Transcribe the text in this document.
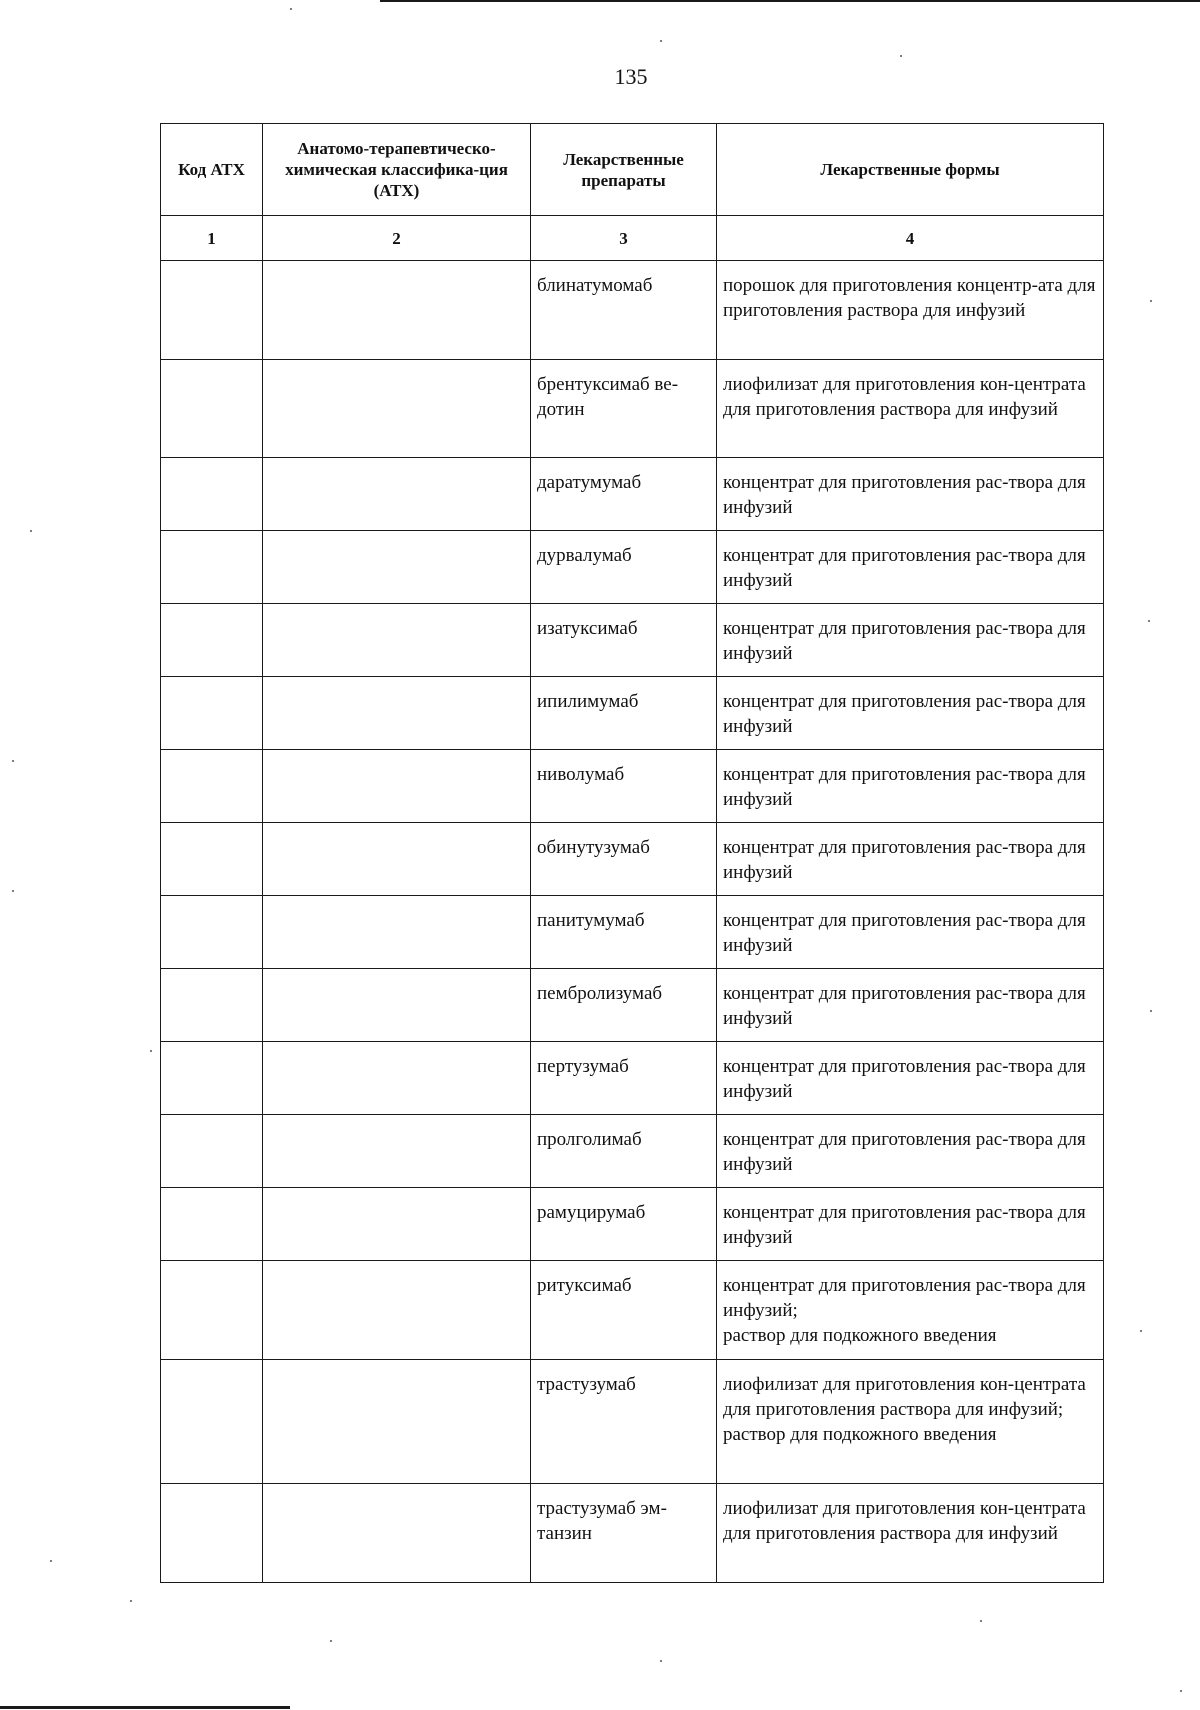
135
Код АТХ	Анатомо-терапевтическо-химическая классифика-ция (АТХ)	Лекарственные препараты	Лекарственные формы
1	2	3	4
		блинатумомаб	порошок для приготовления концентр-ата для приготовления раствора для инфузий

		брентуксимаб ве-дотин	лиофилизат для приготовления кон-центрата для приготовления раствора для инфузий

		даратумумаб	концентрат для приготовления рас-твора для инфузий

		дурвалумаб	концентрат для приготовления рас-твора для инфузий

		изатуксимаб	концентрат для приготовления рас-твора для инфузий

		ипилимумаб	концентрат для приготовления рас-твора для инфузий

		ниволумаб	концентрат для приготовления рас-твора для инфузий

		обинутузумаб	концентрат для приготовления рас-твора для инфузий

		панитумумаб	концентрат для приготовления рас-твора для инфузий

		пембролизумаб	концентрат для приготовления рас-твора для инфузий

		пертузумаб	концентрат для приготовления рас-твора для инфузий

		пролголимаб	концентрат для приготовления рас-твора для инфузий

		рамуцирумаб	концентрат для приготовления рас-твора для инфузий

		ритуксимаб	концентрат для приготовления рас-твора для инфузий;
раствор для подкожного введения

		трастузумаб	лиофилизат для приготовления кон-центрата для приготовления раствора для инфузий;
раствор для подкожного введения

		трастузумаб эм-танзин	лиофилизат для приготовления кон-центрата для приготовления раствора для инфузий
